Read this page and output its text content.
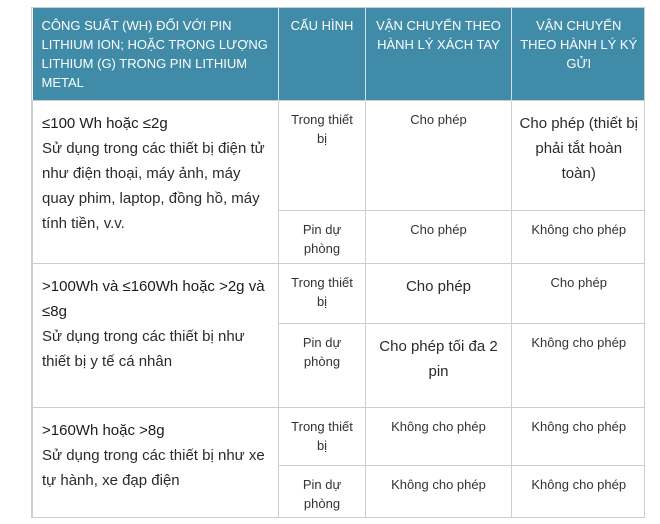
CÔNG SUẤT (WH) ĐỐI VỚI PIN LITHIUM ION; HOẶC TRỌNG LƯỢNG LITHIUM (G) TRONG PIN LITHIUM METAL	CẤU HÌNH	VẬN CHUYỂN THEO HÀNH LÝ XÁCH TAY	VẬN CHUYỂN THEO HÀNH LÝ KÝ GỬI

≤100 Wh hoặc ≤2g
Sử dụng trong các thiết bị điện tử như điện thoại, máy ảnh, máy quay phim, laptop, đồng hồ, máy tính tiền, v.v.	Trong thiết bị	Cho phép	Cho phép (thiết bị phải tắt hoàn toàn)
	Pin dự phòng	Cho phép	Không cho phép

>100Wh và ≤160Wh hoặc >2g và ≤8g
Sử dụng trong các thiết bị như thiết bị y tế cá nhân	Trong thiết bị	Cho phép	Cho phép
	Pin dự phòng	Cho phép tối đa 2 pin	Không cho phép

>160Wh hoặc >8g
Sử dụng trong các thiết bị như xe tự hành, xe đạp điện	Trong thiết bị	Không cho phép	Không cho phép
	Pin dự phòng	Không cho phép	Không cho phép
